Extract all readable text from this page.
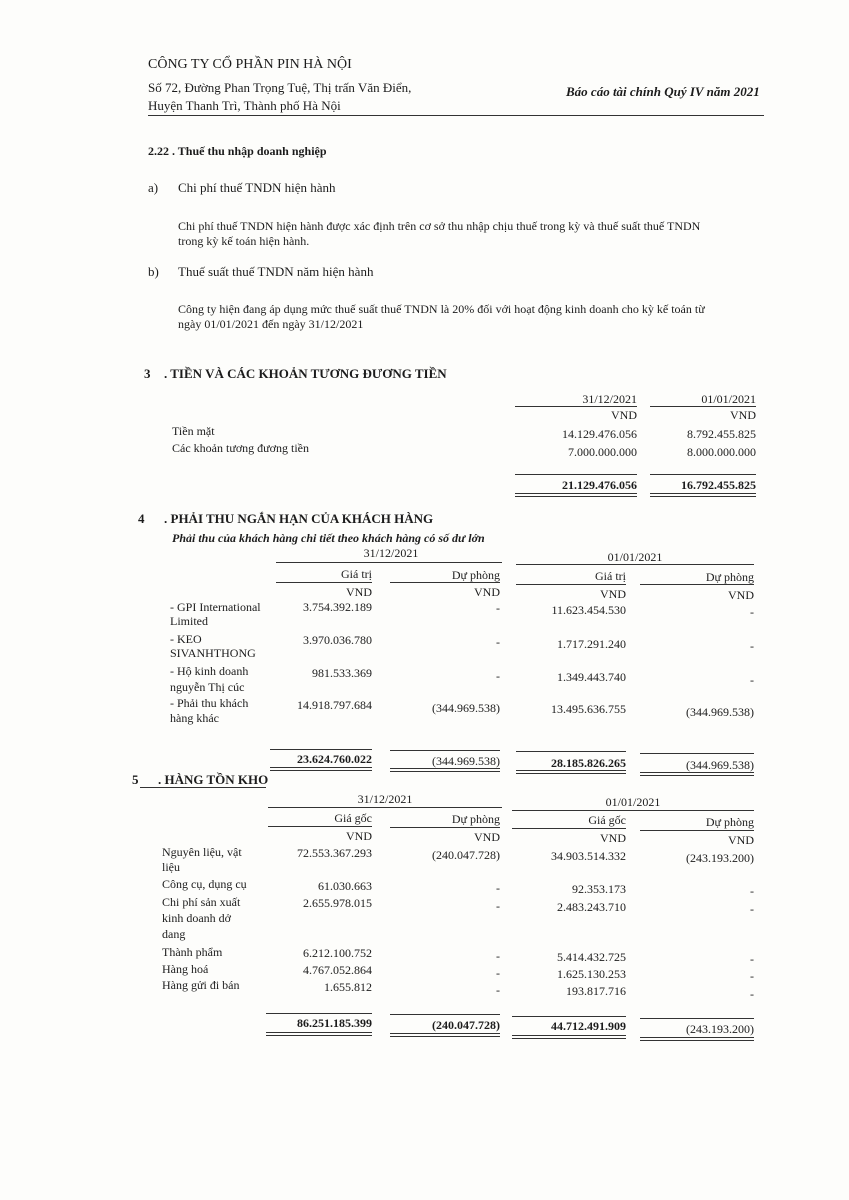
CÔNG TY CỔ PHẦN PIN HÀ NỘI
Số 72, Đường Phan Trọng Tuệ, Thị trấn Văn Điển,
Huyện Thanh Trì, Thành phố Hà Nội
Báo cáo tài chính Quý IV năm 2021
2.22 . Thuế thu nhập doanh nghiệp
a) Chi phí thuế TNDN hiện hành
Chi phí thuế TNDN hiện hành được xác định trên cơ sở thu nhập chịu thuế trong kỳ và thuế suất thuế TNDN
trong kỳ kế toán hiện hành.
b) Thuế suất thuế TNDN năm hiện hành
Công ty hiện đang áp dụng mức thuế suất thuế TNDN là 20% đối với hoạt động kinh doanh cho kỳ kế toán từ
ngày 01/01/2021 đến ngày 31/12/2021
3 . TIỀN VÀ CÁC KHOẢN TƯƠNG ĐƯƠNG TIỀN
31/12/2021	01/01/2021
VND	VND
Tiền mặt	14.129.476.056	8.792.455.825
Các khoản tương đương tiền	7.000.000.000	8.000.000.000
21.129.476.056	16.792.455.825
4 . PHẢI THU NGẮN HẠN CỦA KHÁCH HÀNG
Phải thu của khách hàng chi tiết theo khách hàng có số dư lớn
31/12/2021	01/01/2021
Giá trị	Dự phòng	Giá trị	Dự phòng
VND	VND	VND	VND
- GPI International
Limited
3.754.392.189	-	11.623.454.530	-
- KEO
SIVANHTHONG
3.970.036.780	-	1.717.291.240	-
- Hộ kinh doanh
nguyễn Thị cúc
981.533.369	-	1.349.443.740	-
- Phải thu khách
hàng khác
14.918.797.684	(344.969.538)	13.495.636.755	(344.969.538)
23.624.760.022	(344.969.538)	28.185.826.265	(344.969.538)
5 . HÀNG TỒN KHO
31/12/2021	01/01/2021
Giá gốc	Dự phòng	Giá gốc	Dự phòng
VND	VND	VND	VND
Nguyên liệu, vật
liệu
72.553.367.293	(240.047.728)	34.903.514.332	(243.193.200)
Công cụ, dụng cụ	61.030.663	-	92.353.173	-
Chi phí sản xuất
kinh doanh dở
dang
2.655.978.015	-	2.483.243.710	-
Thành phẩm	6.212.100.752	-	5.414.432.725	-
Hàng hoá	4.767.052.864	-	1.625.130.253	-
Hàng gửi đi bán	1.655.812	-	193.817.716	-
86.251.185.399	(240.047.728)	44.712.491.909	(243.193.200)
